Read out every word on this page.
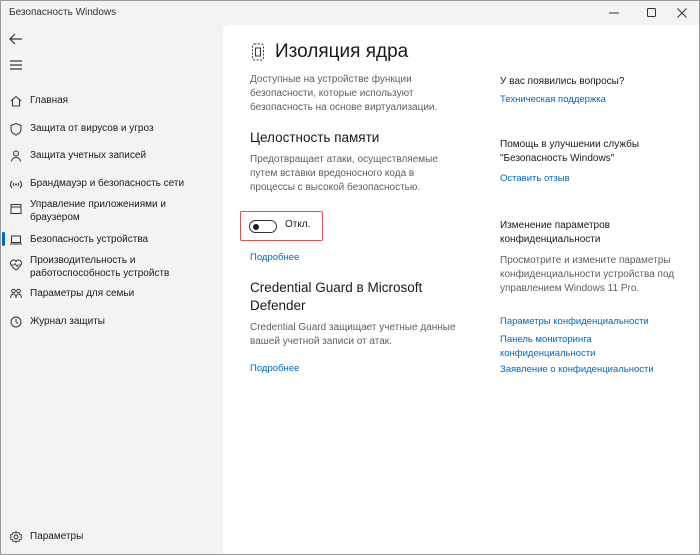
Безопасность Windows
Главная
Защита от вирусов и угроз
Защита учетных записей
Брандмауэр и безопасность сети
Управление приложениями и браузером
Безопасность устройства
Производительность и работоспособность устройств
Параметры для семьи
Журнал защиты
Параметры
Изоляция ядра
Доступные на устройстве функции безопасности, которые используют безопасность на основе виртуализации.
Целостность памяти
Предотвращает атаки, осуществляемые путем вставки вредоносного кода в процессы с высокой безопасностью.
Откл.
Подробнее
Credential Guard в Microsoft Defender
Credential Guard защищает учетные данные вашей учетной записи от атак.
Подробнее
У вас появились вопросы?
Техническая поддержка
Помощь в улучшении службы "Безопасность Windows"
Оставить отзыв
Изменение параметров конфиденциальности
Просмотрите и измените параметры конфиденциальности устройства под управлением Windows 11 Pro.
Параметры конфиденциальности
Панель мониторинга конфиденциальности
Заявление о конфиденциальности
